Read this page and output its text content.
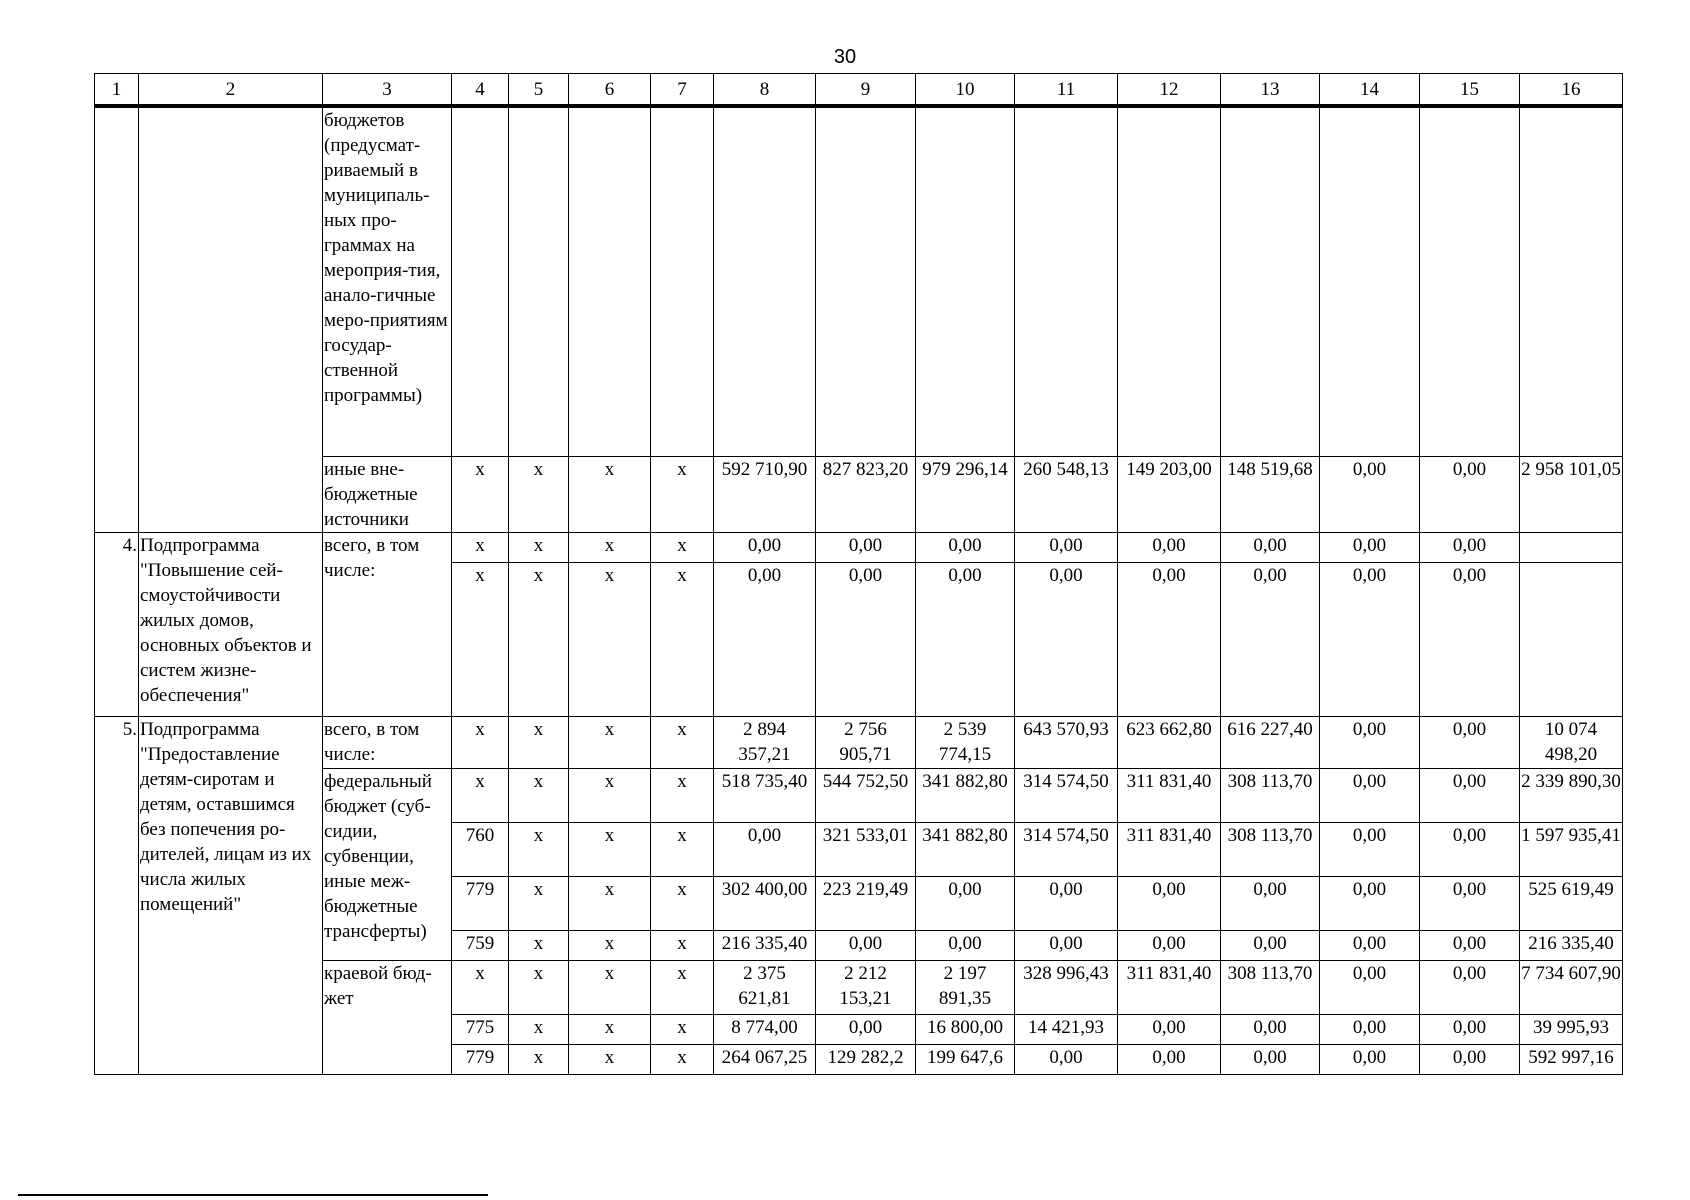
30
1	2	3	4	5	6	7	8	9	10	11	12	13	14	15	16
		бюджетов (предусмат-риваемый в муниципаль-ных про-граммах на мероприя-тия, анало-гичные меро-приятиям государ-ственной программы)													
		иные вне-бюджетные источники	x	x	x	x	592 710,90	827 823,20	979 296,14	260 548,13	149 203,00	148 519,68	0,00	0,00	2 958 101,05
4.	Подпрограмма "Повышение сей-смоустойчивости жилых домов, основных объектов и систем жизне-обеспечения"	всего, в том числе:	x	x	x	x	0,00	0,00	0,00	0,00	0,00	0,00	0,00	0,00	
			x	x	x	x	0,00	0,00	0,00	0,00	0,00	0,00	0,00	0,00	
5.	Подпрограмма "Предоставление детям-сиротам и детям, оставшимся без попечения ро-дителей, лицам из их числа жилых помещений"	всего, в том числе:	x	x	x	x	2 894 357,21	2 756 905,71	2 539 774,15	643 570,93	623 662,80	616 227,40	0,00	0,00	10 074 498,20
		федеральный бюджет (суб-сидии, субвенции, иные меж-бюджетные трансферты)	x	x	x	x	518 735,40	544 752,50	341 882,80	314 574,50	311 831,40	308 113,70	0,00	0,00	2 339 890,30
			760	x	x	x	0,00	321 533,01	341 882,80	314 574,50	311 831,40	308 113,70	0,00	0,00	1 597 935,41
			779	x	x	x	302 400,00	223 219,49	0,00	0,00	0,00	0,00	0,00	0,00	525 619,49
			759	x	x	x	216 335,40	0,00	0,00	0,00	0,00	0,00	0,00	0,00	216 335,40
		краевой бюд-жет	x	x	x	x	2 375 621,81	2 212 153,21	2 197 891,35	328 996,43	311 831,40	308 113,70	0,00	0,00	7 734 607,90
			775	x	x	x	8 774,00	0,00	16 800,00	14 421,93	0,00	0,00	0,00	0,00	39 995,93
			779	x	x	x	264 067,25	129 282,2	199 647,6	0,00	0,00	0,00	0,00	0,00	592 997,16
